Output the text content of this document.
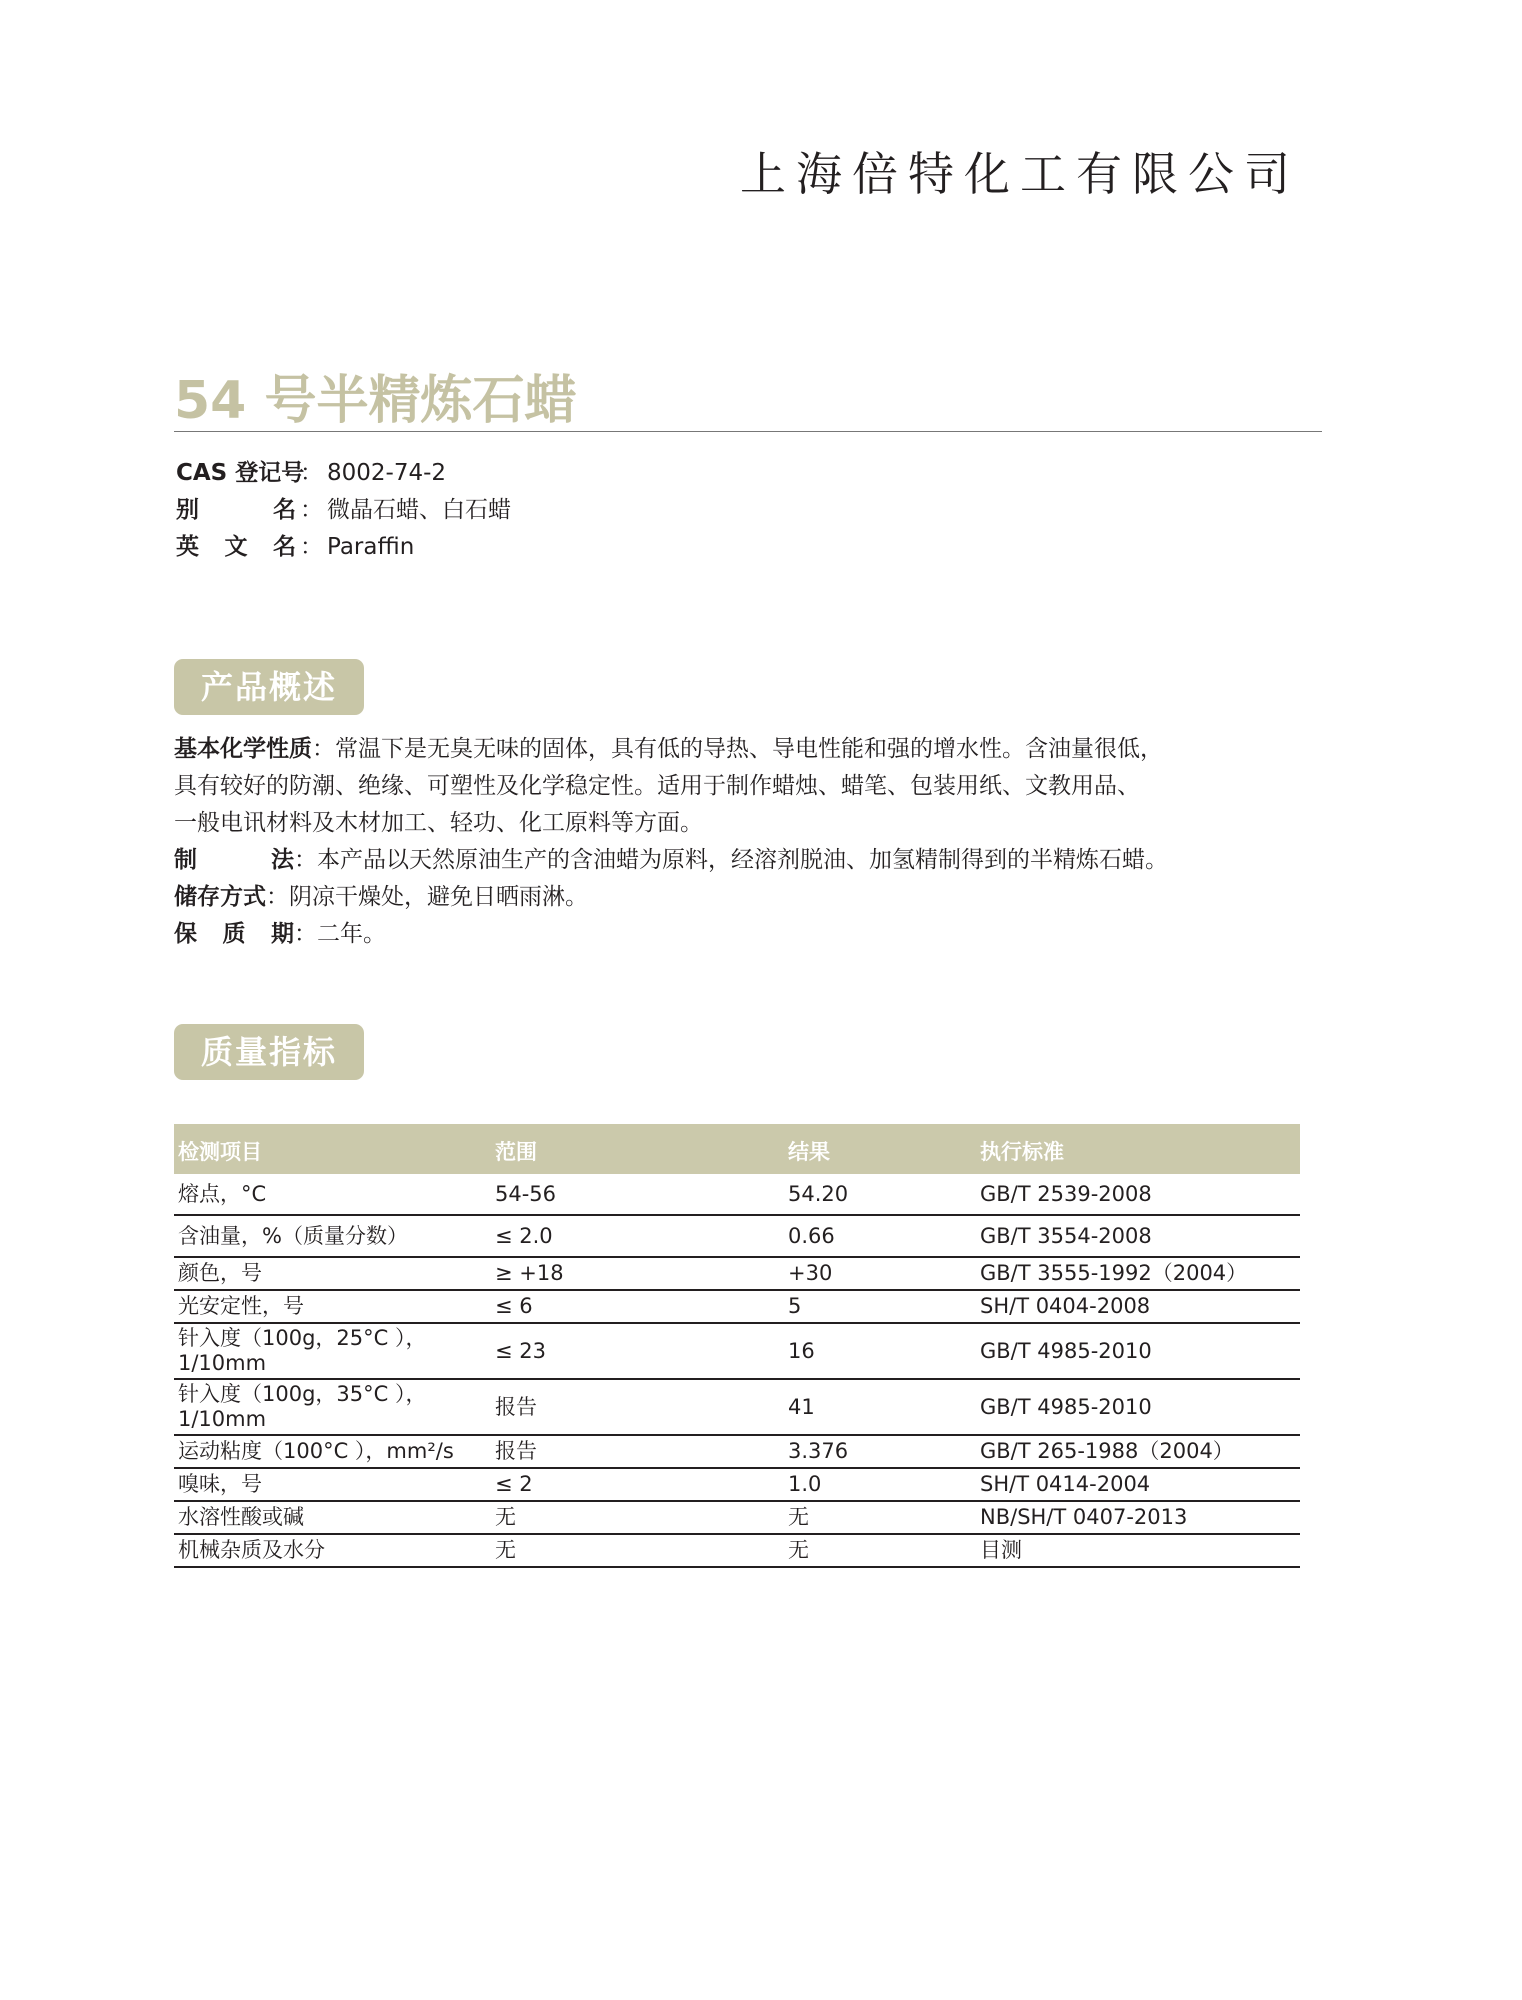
上海倍特化工有限公司
54 号半精炼石蜡
CAS 登记号
： 8002-74-2
别名 ： 微晶石蜡、白石蜡
英文名 ： Paraffin
产品概述
基本化学性质：常温下是无臭无味的固体，具有低的导热、导电性能和强的增水性。含油量很低，
具有较好的防潮、绝缘、可塑性及化学稳定性。适用于制作蜡烛、蜡笔、包装用纸、文教用品、
一般电讯材料及木材加工、轻功、化工原料等方面。
制法：本产品以天然原油生产的含油蜡为原料，经溶剂脱油、加氢精制得到的半精炼石蜡。
储存方式：阴凉干燥处，避免日晒雨淋。
保质期：二年。
质量指标
检测项目	范围	结果	执行标准
熔点，°C	54-56	54.20	GB/T 2539-2008
含油量，%（质量分数）	≤ 2.0	0.66	GB/T 3554-2008
颜色，号	≥ +18	+30	GB/T 3555-1992（2004）
光安定性，号	≤ 6	5	SH/T 0404-2008
针入度（100g，25°C ），1/10mm	≤ 23	16	GB/T 4985-2010
针入度（100g，35°C ），1/10mm	报告	41	GB/T 4985-2010
运动粘度（100°C ），mm²/s	报告	3.376	GB/T 265-1988（2004）
嗅味，号	≤ 2	1.0	SH/T 0414-2004
水溶性酸或碱	无	无	NB/SH/T 0407-2013
机械杂质及水分	无	无	目测
